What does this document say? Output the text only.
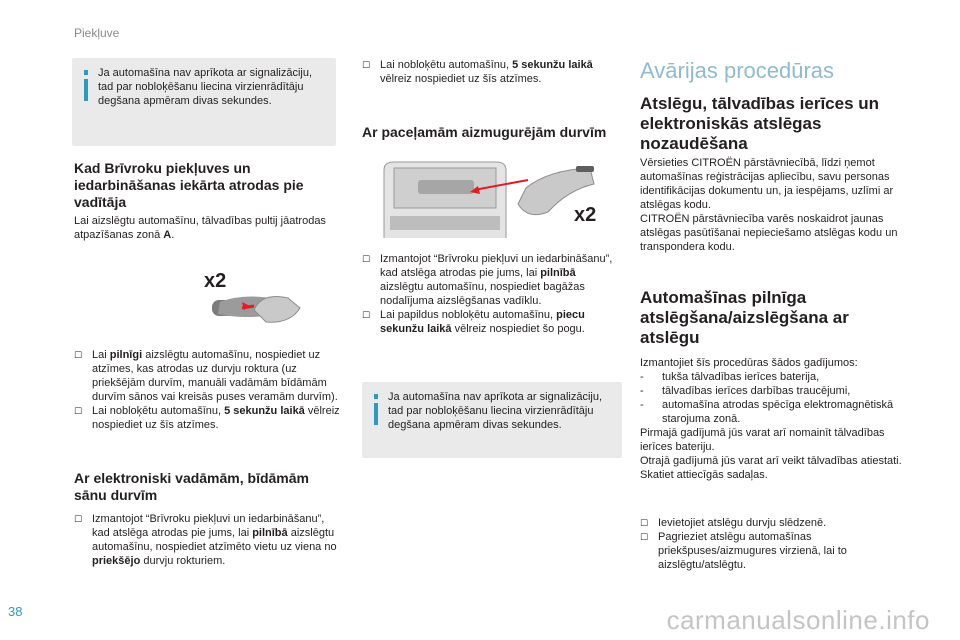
Piekļuve

Ja automašīna nav aprīkota ar signalizāciju, tad par nobloķēšanu liecina virzienrādītāju degšana apmēram divas sekundes.

Kad Brīvroku piekļuves un iedarbināšanas iekārta atrodas pie vadītāja

Lai aizslēgtu automašīnu, tālvadības pultij jāatrodas atpazīšanas zonā A.

x2

☐ Lai pilnīgi aizslēgtu automašīnu, nospiediet uz atzīmes, kas atrodas uz durvju roktura (uz priekšējām durvīm, manuāli vadāmām bīdāmām durvīm sānos vai kreisās puses veramām durvīm).

☐ Lai nobloķētu automašīnu, 5 sekunžu laikā vēlreiz nospiediet uz šīs atzīmes.

Ar elektroniski vadāmām, bīdāmām sānu durvīm

☐ Izmantojot “Brīvroku piekļuvi un iedarbināšanu”, kad atslēga atrodas pie jums, lai pilnībā aizslēgtu automašīnu, nospiediet atzīmēto vietu uz viena no priekšējo durvju rokturiem.

☐ Lai nobloķētu automašīnu, 5 sekunžu laikā vēlreiz nospiediet uz šīs atzīmes.

Ar paceļamām aizmugurējām durvīm
x2

☐ Izmantojot “Brīvroku piekļuvi un iedarbināšanu”, kad atslēga atrodas pie jums, lai pilnībā aizslēgtu automašīnu, nospiediet bagāžas nodalījuma aizslēgšanas vadīklu.

☐ Lai papildus nobloķētu automašīnu, piecu sekunžu laikā vēlreiz nospiediet šo pogu.

Ja automašīna nav aprīkota ar signalizāciju, tad par nobloķēšanu liecina virzienrādītāju degšana apmēram divas sekundes.

Avārijas procedūras
Atslēgu, tālvadības ierīces un elektroniskās atslēgas nozaudēšana

Vērsieties CITROËN pārstāvniecībā, līdzi ņemot automašīnas reģistrācijas apliecību, savu personas identifikācijas dokumentu un, ja iespējams, uzlīmi ar atslēgas kodu.

CITROËN pārstāvniecība varēs noskaidrot jaunas atslēgas pasūtīšanai nepieciešamo atslēgas kodu un transpondera kodu.

Automašīnas pilnīga atslēgšana/aizslēgšana ar atslēgu

Izmantojiet šīs procedūras šādos gadījumos:

- tukša tālvadības ierīces baterija,

- tālvadības ierīces darbības traucējumi,

- automašīna atrodas spēcīga elektromagnētiskā starojuma zonā.

Pirmajā gadījumā jūs varat arī nomainīt tālvadības ierīces bateriju.

Otrajā gadījumā jūs varat arī veikt tālvadības atiestati.

Skatiet attiecīgās sadaļas.

☐ Ievietojiet atslēgu durvju slēdzenē.

☐ Pagrieziet atslēgu automašīnas priekšpuses/aizmugures virzienā, lai to aizslēgtu/atslēgtu.

38	carmanualsonline.info
